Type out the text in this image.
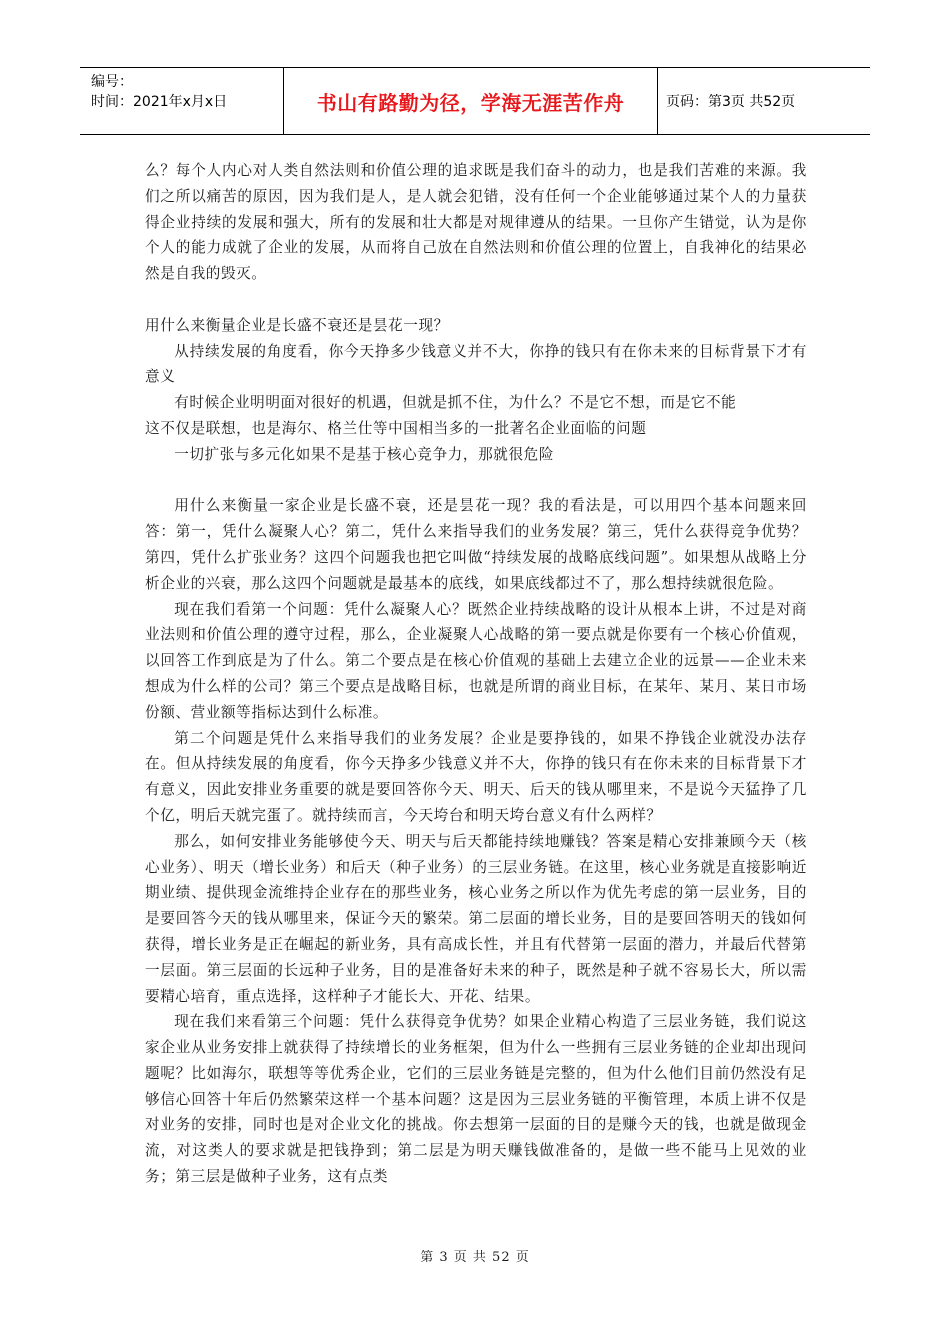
编号：
时间：2021年x月x日	书山有路勤为径，学海无涯苦作舟	页码：第3页 共52页

么？每个人内心对人类自然法则和价值公理的追求既是我们奋斗的动力，也是我们苦难的来源。我们之所以痛苦的原因，因为我们是人，是人就会犯错，没有任何一个企业能够通过某个人的力量获得企业持续的发展和强大，所有的发展和壮大都是对规律遵从的结果。一旦你产生错觉，认为是你个人的能力成就了企业的发展，从而将自己放在自然法则和价值公理的位置上，自我神化的结果必然是自我的毁灭。

用什么来衡量企业是长盛不衰还是昙花一现？

从持续发展的角度看，你今天挣多少钱意义并不大，你挣的钱只有在你未来的目标背景下才有意义

有时候企业明明面对很好的机遇，但就是抓不住，为什么？不是它不想，而是它不能

这不仅是联想，也是海尔、格兰仕等中国相当多的一批著名企业面临的问题

一切扩张与多元化如果不是基于核心竞争力，那就很危险

用什么来衡量一家企业是长盛不衰，还是昙花一现？我的看法是，可以用四个基本问题来回答：第一，凭什么凝聚人心？第二，凭什么来指导我们的业务发展？第三，凭什么获得竞争优势？第四，凭什么扩张业务？这四个问题我也把它叫做“持续发展的战略底线问题”。如果想从战略上分析企业的兴衰，那么这四个问题就是最基本的底线，如果底线都过不了，那么想持续就很危险。

现在我们看第一个问题：凭什么凝聚人心？既然企业持续战略的设计从根本上讲，不过是对商业法则和价值公理的遵守过程，那么，企业凝聚人心战略的第一要点就是你要有一个核心价值观，以回答工作到底是为了什么。第二个要点是在核心价值观的基础上去建立企业的远景——企业未来想成为什么样的公司？第三个要点是战略目标，也就是所谓的商业目标，在某年、某月、某日市场份额、营业额等指标达到什么标准。

第二个问题是凭什么来指导我们的业务发展？企业是要挣钱的，如果不挣钱企业就没办法存在。但从持续发展的角度看，你今天挣多少钱意义并不大，你挣的钱只有在你未来的目标背景下才有意义，因此安排业务重要的就是要回答你今天、明天、后天的钱从哪里来，不是说今天猛挣了几个亿，明后天就完蛋了。就持续而言，今天垮台和明天垮台意义有什么两样？

那么，如何安排业务能够使今天、明天与后天都能持续地赚钱？答案是精心安排兼顾今天（核心业务）、明天（增长业务）和后天（种子业务）的三层业务链。在这里，核心业务就是直接影响近期业绩、提供现金流维持企业存在的那些业务，核心业务之所以作为优先考虑的第一层业务，目的是要回答今天的钱从哪里来，保证今天的繁荣。第二层面的增长业务，目的是要回答明天的钱如何获得，增长业务是正在崛起的新业务，具有高成长性，并且有代替第一层面的潜力，并最后代替第一层面。第三层面的长远种子业务，目的是准备好未来的种子，既然是种子就不容易长大，所以需要精心培育，重点选择，这样种子才能长大、开花、结果。

现在我们来看第三个问题：凭什么获得竞争优势？如果企业精心构造了三层业务链，我们说这家企业从业务安排上就获得了持续增长的业务框架，但为什么一些拥有三层业务链的企业却出现问题呢？比如海尔，联想等等优秀企业，它们的三层业务链是完整的，但为什么他们目前仍然没有足够信心回答十年后仍然繁荣这样一个基本问题？这是因为三层业务链的平衡管理，本质上讲不仅是对业务的安排，同时也是对企业文化的挑战。你去想第一层面的目的是赚今天的钱，也就是做现金流，对这类人的要求就是把钱挣到；第二层是为明天赚钱做准备的，是做一些不能马上见效的业务；第三层是做种子业务，这有点类

第 3 页 共 52 页
